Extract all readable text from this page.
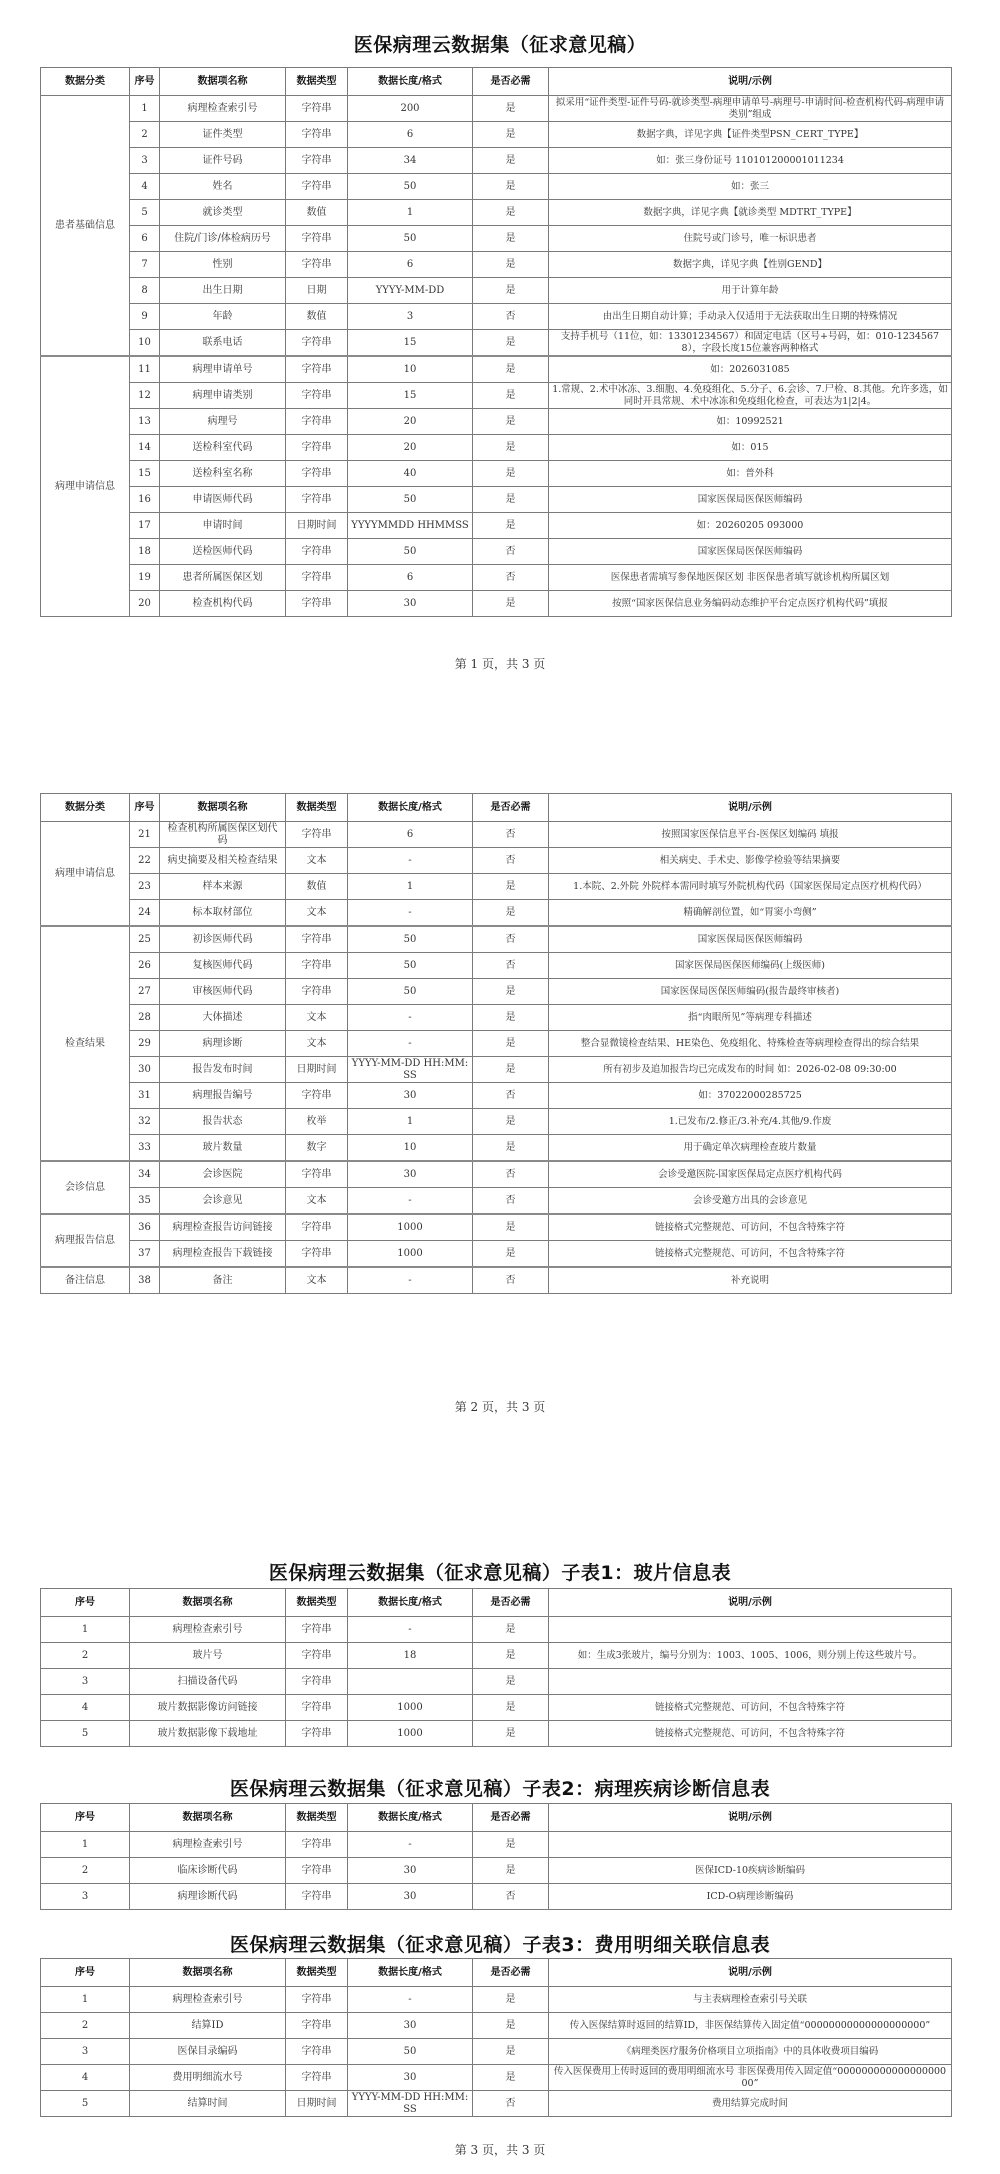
医保病理云数据集（征求意见稿）
数据分类	序号	数据项名称	数据类型	数据长度/格式	是否必需	说明/示例
患者基础信息	1	病理检查索引号	字符串	200	是	拟采用“证件类型-证件号码-就诊类型-病理申请单号-病理号-申请时间-检查机构代码-病理申请类别”组成
	2	证件类型	字符串	6	是	数据字典，详见字典【证件类型PSN_CERT_TYPE】
	3	证件号码	字符串	34	是	如：张三身份证号 110101200001011234
	4	姓名	字符串	50	是	如：张三
	5	就诊类型	数值	1	是	数据字典，详见字典【就诊类型 MDTRT_TYPE】
	6	住院/门诊/体检病历号	字符串	50	是	住院号或门诊号，唯一标识患者
	7	性别	字符串	6	是	数据字典，详见字典【性别GEND】
	8	出生日期	日期	YYYY-MM-DD	是	用于计算年龄
	9	年龄	数值	3	否	由出生日期自动计算；手动录入仅适用于无法获取出生日期的特殊情况
	10	联系电话	字符串	15	是	支持手机号（11位，如：13301234567）和固定电话（区号+号码，如：010-12345678），字段长度15位兼容两种格式
病理申请信息	11	病理申请单号	字符串	10	是	如：2026031085
	12	病理申请类别	字符串	15	是	1.常规、2.术中冰冻、3.细胞、4.免疫组化、5.分子、6.会诊、7.尸检、8.其他。允许多选，如同时开具常规、术中冰冻和免疫组化检查，可表达为1|2|4。
	13	病理号	字符串	20	是	如：10992521
	14	送检科室代码	字符串	20	是	如：015
	15	送检科室名称	字符串	40	是	如：普外科
	16	申请医师代码	字符串	50	是	国家医保局医保医师编码
	17	申请时间	日期时间	YYYYMMDD HHMMSS	是	如：20260205 093000
	18	送检医师代码	字符串	50	否	国家医保局医保医师编码
	19	患者所属医保区划	字符串	6	否	医保患者需填写参保地医保区划 非医保患者填写就诊机构所属区划
	20	检查机构代码	字符串	30	是	按照“国家医保信息业务编码动态维护平台定点医疗机构代码”填报
第 1 页，共 3 页
数据分类	序号	数据项名称	数据类型	数据长度/格式	是否必需	说明/示例
病理申请信息	21	检查机构所属医保区划代码	字符串	6	否	按照国家医保信息平台-医保区划编码 填报
	22	病史摘要及相关检查结果	文本	-	否	相关病史、手术史、影像学检验等结果摘要
	23	样本来源	数值	1	是	1.本院、2.外院 外院样本需同时填写外院机构代码（国家医保局定点医疗机构代码）
	24	标本取材部位	文本	-	是	精确解剖位置，如“胃窦小弯侧”
检查结果	25	初诊医师代码	字符串	50	否	国家医保局医保医师编码
	26	复核医师代码	字符串	50	否	国家医保局医保医师编码(上级医师)
	27	审核医师代码	字符串	50	是	国家医保局医保医师编码(报告最终审核者)
	28	大体描述	文本	-	是	指“肉眼所见”等病理专科描述
	29	病理诊断	文本	-	是	整合显微镜检查结果、HE染色、免疫组化、特殊检查等病理检查得出的综合结果
	30	报告发布时间	日期时间	YYYY-MM-DD HH:MM:SS	是	所有初步及追加报告均已完成发布的时间 如：2026-02-08 09:30:00
	31	病理报告编号	字符串	30	否	如：37022000285725
	32	报告状态	枚举	1	是	1.已发布/2.修正/3.补充/4.其他/9.作废
	33	玻片数量	数字	10	是	用于确定单次病理检查玻片数量
会诊信息	34	会诊医院	字符串	30	否	会诊受邀医院-国家医保局定点医疗机构代码
	35	会诊意见	文本	-	否	会诊受邀方出具的会诊意见
病理报告信息	36	病理检查报告访问链接	字符串	1000	是	链接格式完整规范、可访问，不包含特殊字符
	37	病理检查报告下载链接	字符串	1000	是	链接格式完整规范、可访问，不包含特殊字符
备注信息	38	备注	文本	-	否	补充说明
第 2 页，共 3 页
医保病理云数据集（征求意见稿）子表1：玻片信息表
序号	数据项名称	数据类型	数据长度/格式	是否必需	说明/示例
1	病理检查索引号	字符串	-	是	
2	玻片号	字符串	18	是	如：生成3张玻片，编号分别为：1003、1005、1006，则分别上传这些玻片号。
3	扫描设备代码	字符串		是	
4	玻片数据影像访问链接	字符串	1000	是	链接格式完整规范、可访问，不包含特殊字符
5	玻片数据影像下载地址	字符串	1000	是	链接格式完整规范、可访问，不包含特殊字符
医保病理云数据集（征求意见稿）子表2：病理疾病诊断信息表
序号	数据项名称	数据类型	数据长度/格式	是否必需	说明/示例
1	病理检查索引号	字符串	-	是	
2	临床诊断代码	字符串	30	是	医保ICD-10疾病诊断编码
3	病理诊断代码	字符串	30	否	ICD-O病理诊断编码
医保病理云数据集（征求意见稿）子表3：费用明细关联信息表
序号	数据项名称	数据类型	数据长度/格式	是否必需	说明/示例
1	病理检查索引号	字符串	-	是	与主表病理检查索引号关联
2	结算ID	字符串	30	是	传入医保结算时返回的结算ID，非医保结算传入固定值“00000000000000000000”
3	医保目录编码	字符串	50	是	《病理类医疗服务价格项目立项指南》中的具体收费项目编码
4	费用明细流水号	字符串	30	是	传入医保费用上传时返回的费用明细流水号 非医保费用传入固定值“00000000000000000000”
5	结算时间	日期时间	YYYY-MM-DD HH:MM:SS	否	费用结算完成时间
第 3 页，共 3 页
